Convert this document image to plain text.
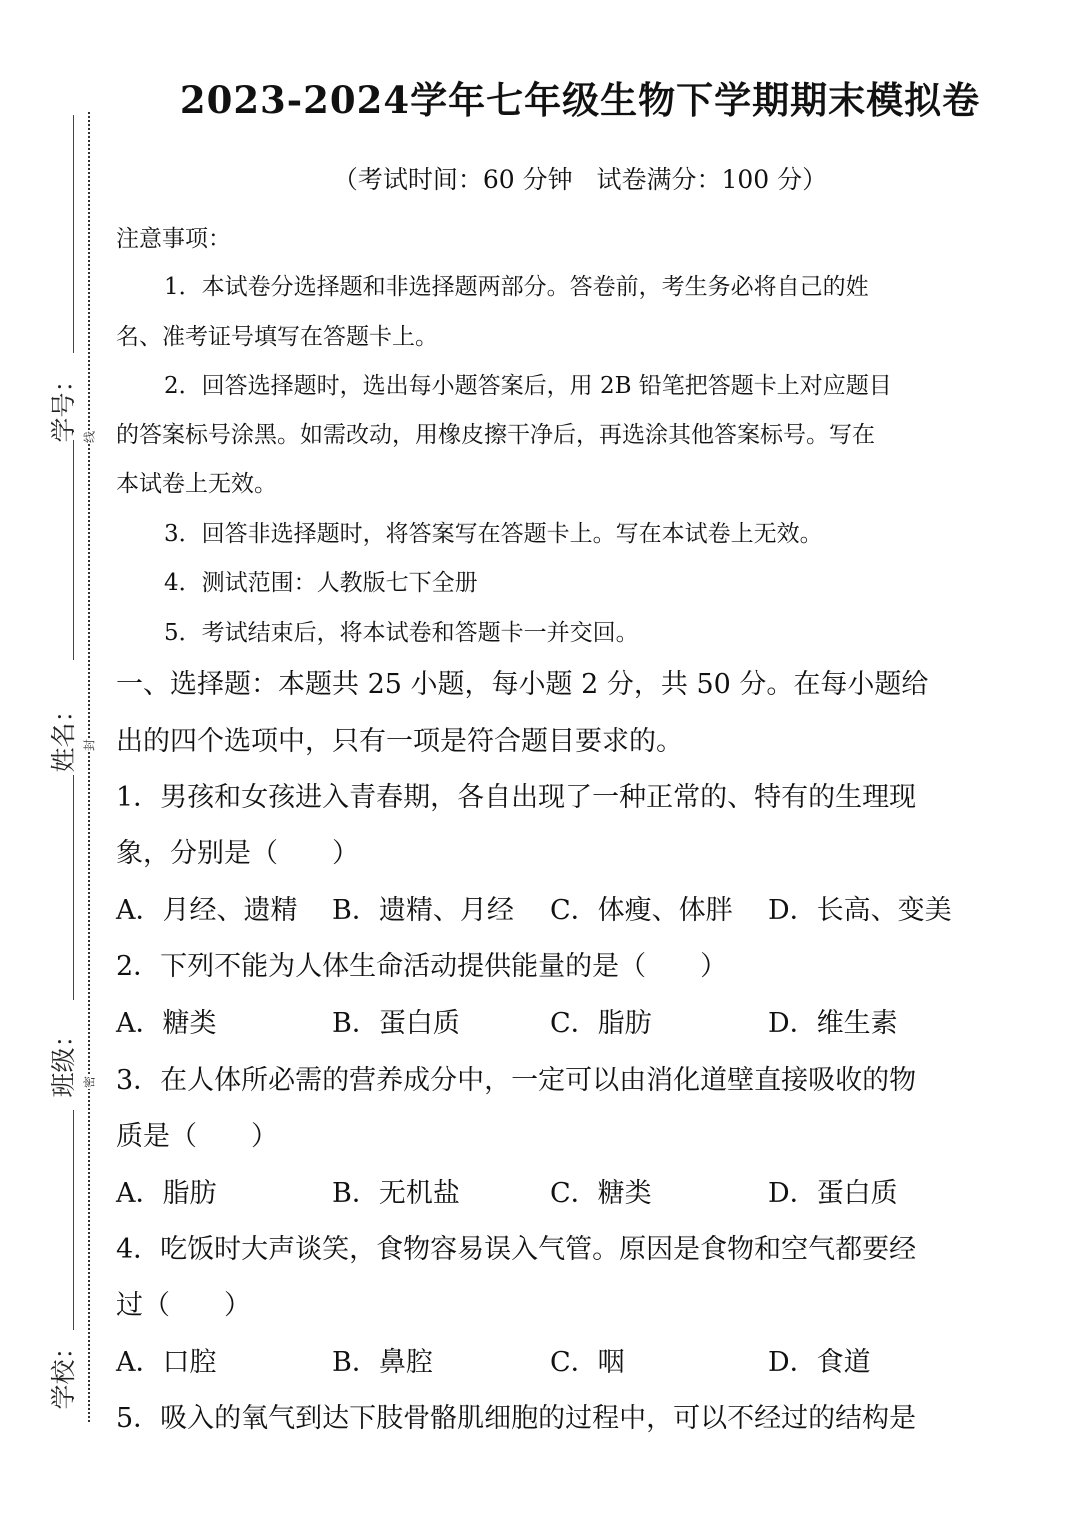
学号：
姓名：
班级：
学校：
线
封
密
2023-2024学年七年级生物下学期期末模拟卷
（考试时间：60 分钟   试卷满分：100 分）
注意事项：
1．本试卷分选择题和非选择题两部分。答卷前，考生务必将自己的姓
名、准考证号填写在答题卡上。
2．回答选择题时，选出每小题答案后，用 2B 铅笔把答题卡上对应题目
的答案标号涂黑。如需改动，用橡皮擦干净后，再选涂其他答案标号。写在
本试卷上无效。
3．回答非选择题时，将答案写在答题卡上。写在本试卷上无效。
4．测试范围：人教版七下全册
5．考试结束后，将本试卷和答题卡一并交回。
一、选择题：本题共 25 小题，每小题 2 分，共 50 分。在每小题给
出的四个选项中，只有一项是符合题目要求的。
1．男孩和女孩进入青春期，各自出现了一种正常的、特有的生理现
象，分别是（　　）
A．月经、遗精 B．遗精、月经 C．体瘦、体胖 D．长高、变美
2．下列不能为人体生命活动提供能量的是（　　）
A．糖类	B．蛋白质	C．脂肪	D．维生素
3．在人体所必需的营养成分中，一定可以由消化道壁直接吸收的物
质是（　　）
A．脂肪	B．无机盐	C．糖类	D．蛋白质
4．吃饭时大声谈笑，食物容易误入气管。原因是食物和空气都要经
过（　　）
A．口腔	B．鼻腔	C．咽	D．食道
5．吸入的氧气到达下肢骨骼肌细胞的过程中，可以不经过的结构是
